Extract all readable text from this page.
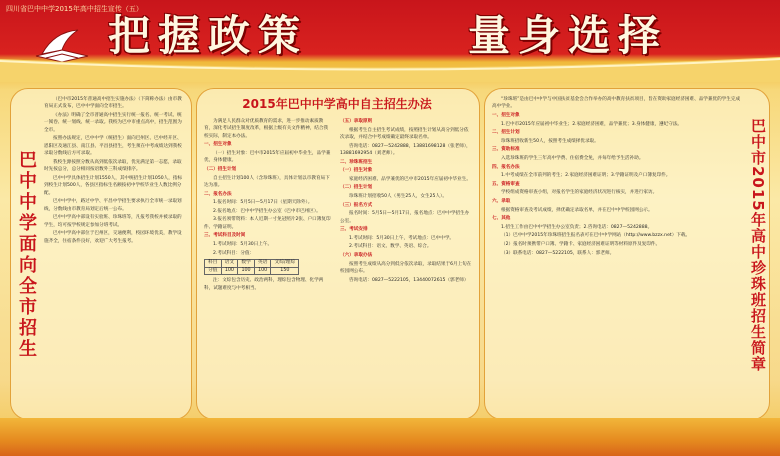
四川省巴中中学2015年高中招生宣传（五）
把握政策	量身选择
巴中中学面向全市招生

（巴中市2015年普通高中招生实施办法）（下简称办法）由市教育局正式发布，巴中中学面向全市招生。

《办法》明确了全市普通高中招生实行统一报名、统一考试、统一阅卷、统一划线、统一录取。我校为巴中市重点高中，招生范围为全市。

按照办法规定，巴中中学（统招生）面向巴州区、巴中经开区、恩阳区及通江县、南江县、平昌县招生，考生须在中考成绩达到我校录取分数线后方可录取。

我校生源按照分数从高到低依次录取，优先满足第一志愿，录取时先按总分，总分相同按语数外三科成绩排序。

巴中中学具体招生计划1550人，其中统招生计划1050人，指标到校生计划500人，各县区指标生名额按初中学校毕业生人数比例分配。

巴中中学中，路过中学、平昌中学招生要求执行全市统一录取划线，分数线由市教育局划定后统一公布。

巴中中学高中部设有实验班、珍珠班等，凡报考我校并被录取的学生，均可按学校规定参加分班考试。

巴中中学高中部位于巴州区，交通便利，校园环境优美，教学设施齐全，住宿条件良好，欢迎广大考生报考。

2015年巴中中学高中自主招生办法

为满足人民群众对优质教育的需求，进一步推动素质教育，深化考试招生制度改革，根据上级有关文件精神，结合我校实际，制定本办法。

一、招生对象

（一）招生对象：巴中市2015年应届初中毕业生，品学兼优，身体健康。

（二）招生计划

自主招生计划100人（含珍珠班），具体计划以市教育局下达为准。

二、报名办法

1.报名时间：5月5日—5月17日（星期天除外）。

2.报名地点：巴中中学招生办公室（巴中市巴州区）。

3.报名须带资料：本人近期一寸免冠照片2张、户口簿复印件、学籍证明。

三、考试科目及时间

1.考试时间：5月30日上午。

2.考试科目：分值：

科目	语文	数学	英语	文综/理综
分值	100	100	100	150

注：文综包含历史、政治两科，理综包含物理、化学两科，试题难度与中考相当。

（五）录取原则

根据考生自主招生考试成绩，按照招生计划从高分到低分依次录取，并结合中考成绩确定最终录取名单。

咨询电话：0827—5242888，13881698128（张老师），13881692954（刘老师）。

二、珍珠班招生

（一）招生对象

家庭经济困难、品学兼优的巴中市2015年应届初中毕业生。

（二）招生计划

珍珠班计划招收50人（男生25人，女生25人）。

（三）报名方式

报名时间：5月5日—5月17日，报名地点：巴中中学招生办公室。

三、考试安排

1.考试时间：5月30日上午，考试地点：巴中中学。

2.考试科目：语文、数学、英语、综合。

（六）录取办法

按照考生成绩从高分到低分依次录取，录取结果于6月上旬在校园网公布。

咨询电话：0827—5222105，13440072615（郭老师）

“珍珠班”是由巴中中学与中国扶贫基金会合作举办的高中教育扶贫项目，旨在资助家庭经济困难、品学兼优的学生完成高中学业。

一、招生对象

1.巴中市2015年应届初中毕业生；2.家庭经济困难，品学兼优；3.身体健康，遵纪守法。

二、招生计划

珍珠班招收新生50人，按照考生成绩择优录取。

三、资助标准

入选珍珠班的学生三年高中学费、住宿费全免，并每年给予生活补助。

四、报名办法

1.中考成绩在全市前列的考生；2.家庭经济困难证明；3.学籍证明及户口簿复印件。

五、资格审查

学校组成资格审查小组，对报名学生的家庭经济状况进行核实，并进行家访。

六、录取

根据资格审查及考试成绩，择优确定录取名单，并在巴中中学校园网公示。

七、其他

1.招生工作由巴中中学招生办公室负责；2.咨询电话：0827—5242888。

（1）巴中中学2015年珍珠班招生报名表可在巴中中学网站（http://www.bzzx.net）下载。

（2）报名时须携带户口簿、学籍卡、家庭经济困难证明等材料原件及复印件。

（3）联系电话：0827—5222105，联系人：郭老师。	巴中市2015年高中珍珠班招生简章
